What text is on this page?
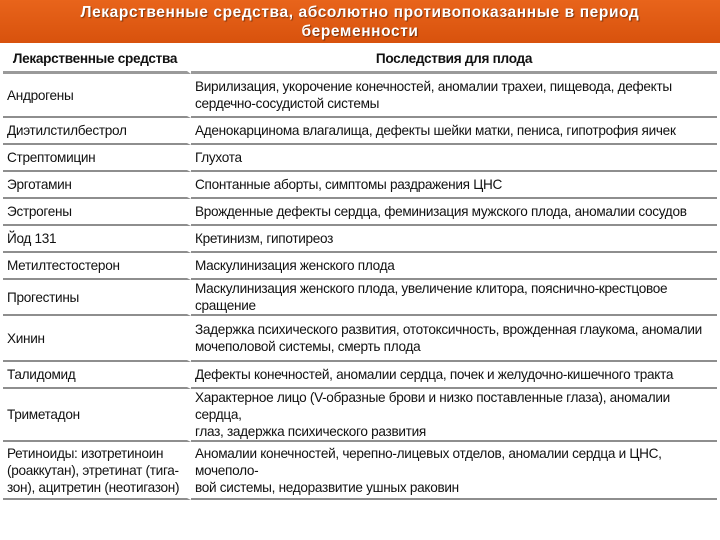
Лекарственные средства, абсолютно противопоказанные в период
беременности
Лекарственные средства	Последствия для плода

Андрогены	Вирилизация, укорочение конечностей, аномалии трахеи, пищевода, дефекты
сердечно-сосудистой системы

Диэтилстилбестрол	Аденокарцинома влагалища, дефекты шейки матки, пениса, гипотрофия яичек

Стрептомицин	Глухота

Эрготамин	Спонтанные аборты, симптомы раздражения ЦНС

Эстрогены	Врожденные дефекты сердца, феминизация мужского плода, аномалии сосудов

Йод 131	Кретинизм, гипотиреоз

Метилтестостерон	Маскулинизация женского плода

Прогестины	Маскулинизация женского плода, увеличение клитора, пояснично-крестцовое сращение

Хинин	Задержка психического развития, ототоксичность, врожденная глаукома, аномалии
мочеполовой системы, смерть плода

Талидомид	Дефекты конечностей, аномалии сердца, почек и желудочно-кишечного тракта

Триметадон	Характерное лицо (V-образные брови и низко поставленные глаза), аномалии сердца,
глаз, задержка психического развития

Ретиноиды: изотретиноин
(роаккутан), этретинат (тига-
зон), ацитретин (неотигазон)	Аномалии конечностей, черепно-лицевых отделов, аномалии сердца и ЦНС, мочеполо-
вой системы, недоразвитие ушных раковин
